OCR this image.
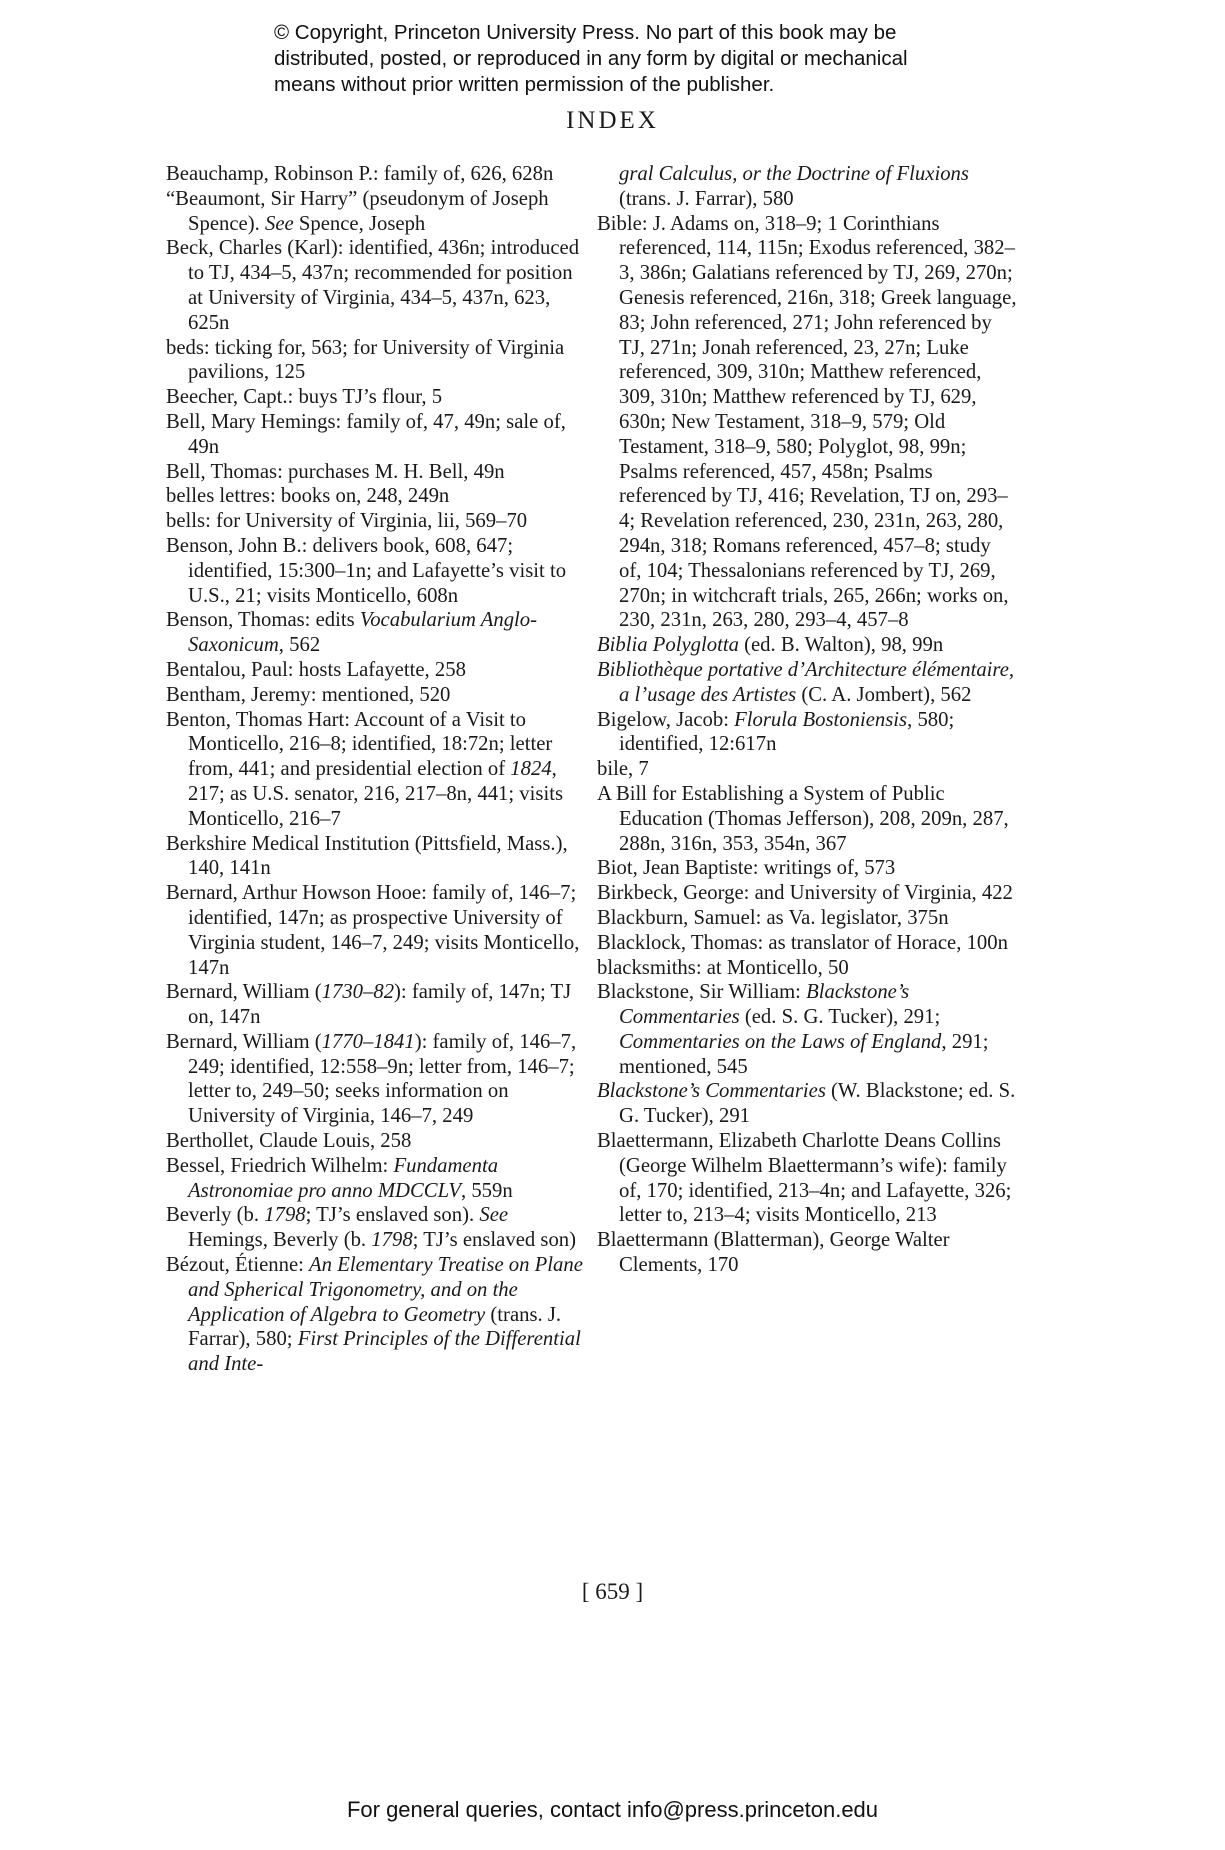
© Copyright, Princeton University Press. No part of this book may be
distributed, posted, or reproduced in any form by digital or mechanical
means without prior written permission of the publisher.
INDEX
Beauchamp, Robinson P.: family of, 626, 628n
“Beaumont, Sir Harry” (pseudonym of Joseph Spence). See Spence, Joseph
Beck, Charles (Karl): identified, 436n; introduced to TJ, 434–5, 437n; recommended for position at University of Virginia, 434–5, 437n, 623, 625n
beds: ticking for, 563; for University of Virginia pavilions, 125
Beecher, Capt.: buys TJ’s flour, 5
Bell, Mary Hemings: family of, 47, 49n; sale of, 49n
Bell, Thomas: purchases M. H. Bell, 49n
belles lettres: books on, 248, 249n
bells: for University of Virginia, lii, 569–70
Benson, John B.: delivers book, 608, 647; identified, 15:300–1n; and Lafayette’s visit to U.S., 21; visits Monticello, 608n
Benson, Thomas: edits Vocabularium Anglo-Saxonicum, 562
Bentalou, Paul: hosts Lafayette, 258
Bentham, Jeremy: mentioned, 520
Benton, Thomas Hart: Account of a Visit to Monticello, 216–8; identified, 18:72n; letter from, 441; and presidential election of 1824, 217; as U.S. senator, 216, 217–8n, 441; visits Monticello, 216–7
Berkshire Medical Institution (Pittsfield, Mass.), 140, 141n
Bernard, Arthur Howson Hooe: family of, 146–7; identified, 147n; as prospective University of Virginia student, 146–7, 249; visits Monticello, 147n
Bernard, William (1730–82): family of, 147n; TJ on, 147n
Bernard, William (1770–1841): family of, 146–7, 249; identified, 12:558–9n; letter from, 146–7; letter to, 249–50; seeks information on University of Virginia, 146–7, 249
Berthollet, Claude Louis, 258
Bessel, Friedrich Wilhelm: Fundamenta Astronomiae pro anno MDCCLV, 559n
Beverly (b. 1798; TJ’s enslaved son). See Hemings, Beverly (b. 1798; TJ’s enslaved son)
Bézout, Étienne: An Elementary Treatise on Plane and Spherical Trigonometry, and on the Application of Algebra to Geometry (trans. J. Farrar), 580; First Principles of the Differential and Inte-
gral Calculus, or the Doctrine of Fluxions (trans. J. Farrar), 580
Bible: J. Adams on, 318–9; 1 Corinthians referenced, 114, 115n; Exodus referenced, 382–3, 386n; Galatians referenced by TJ, 269, 270n; Genesis referenced, 216n, 318; Greek language, 83; John referenced, 271; John referenced by TJ, 271n; Jonah referenced, 23, 27n; Luke referenced, 309, 310n; Matthew referenced, 309, 310n; Matthew referenced by TJ, 629, 630n; New Testament, 318–9, 579; Old Testament, 318–9, 580; Polyglot, 98, 99n; Psalms referenced, 457, 458n; Psalms referenced by TJ, 416; Revelation, TJ on, 293–4; Revelation referenced, 230, 231n, 263, 280, 294n, 318; Romans referenced, 457–8; study of, 104; Thessalonians referenced by TJ, 269, 270n; in witchcraft trials, 265, 266n; works on, 230, 231n, 263, 280, 293–4, 457–8
Biblia Polyglotta (ed. B. Walton), 98, 99n
Bibliothèque portative d’Architecture élémentaire, a l’usage des Artistes (C. A. Jombert), 562
Bigelow, Jacob: Florula Bostoniensis, 580; identified, 12:617n
bile, 7
A Bill for Establishing a System of Public Education (Thomas Jefferson), 208, 209n, 287, 288n, 316n, 353, 354n, 367
Biot, Jean Baptiste: writings of, 573
Birkbeck, George: and University of Virginia, 422
Blackburn, Samuel: as Va. legislator, 375n
Blacklock, Thomas: as translator of Horace, 100n
blacksmiths: at Monticello, 50
Blackstone, Sir William: Blackstone’s Commentaries (ed. S. G. Tucker), 291; Commentaries on the Laws of England, 291; mentioned, 545
Blackstone’s Commentaries (W. Blackstone; ed. S. G. Tucker), 291
Blaettermann, Elizabeth Charlotte Deans Collins (George Wilhelm Blaettermann’s wife): family of, 170; identified, 213–4n; and Lafayette, 326; letter to, 213–4; visits Monticello, 213
Blaettermann (Blatterman), George Walter Clements, 170
[ 659 ]
For general queries, contact info@press.princeton.edu
